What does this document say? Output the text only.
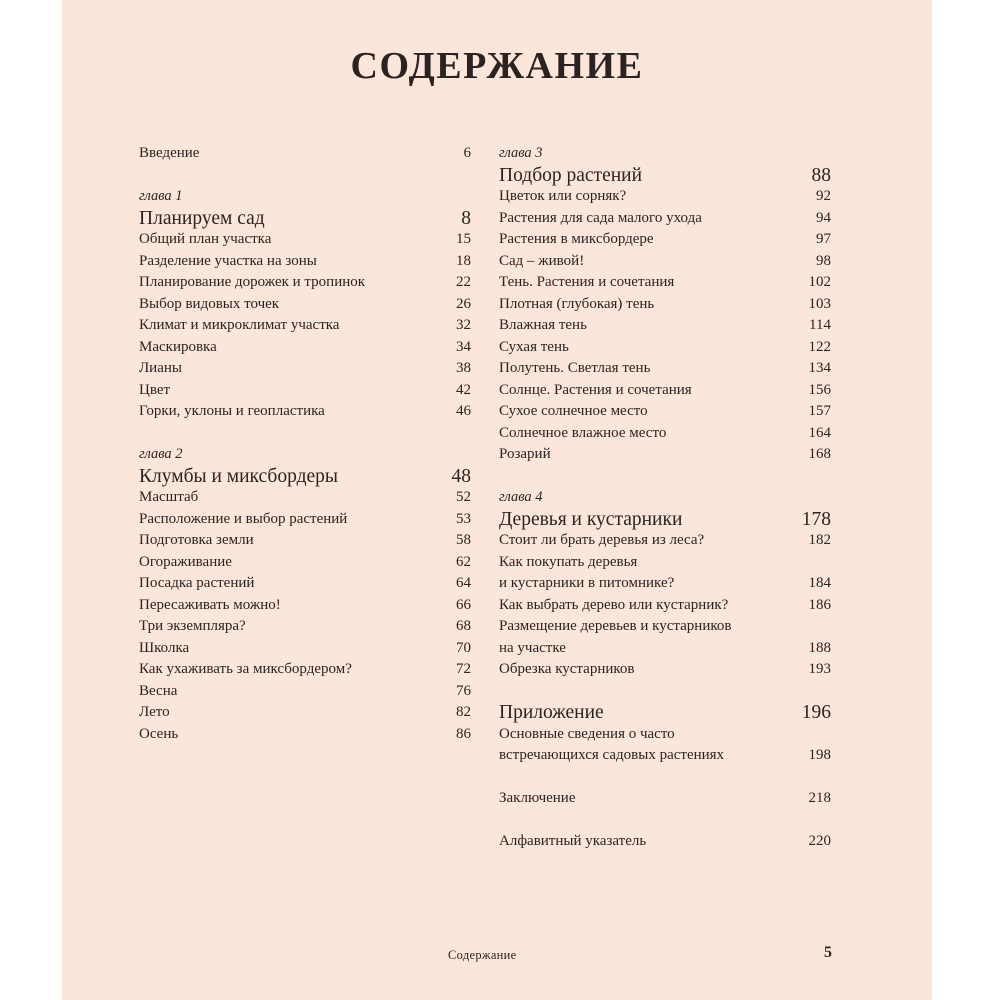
СОДЕРЖАНИЕ
Введение	6
глава 1
Планируем сад	8
Общий план участка	15
Разделение участка на зоны	18
Планирование дорожек и тропинок	22
Выбор видовых точек	26
Климат и микроклимат участка	32
Маскировка	34
Лианы	38
Цвет	42
Горки, уклоны и геопластика	46
глава 2
Клумбы и миксбордеры	48
Масштаб	52
Расположение и выбор растений	53
Подготовка земли	58
Огораживание	62
Посадка растений	64
Пересаживать можно!	66
Три экземпляра?	68
Школка	70
Как ухаживать за миксбордером?	72
Весна	76
Лето	82
Осень	86
глава 3
Подбор растений	88
Цветок или сорняк?	92
Растения для сада малого ухода	94
Растения в миксбордере	97
Сад – живой!	98
Тень. Растения и сочетания	102
Плотная (глубокая) тень	103
Влажная тень	114
Сухая тень	122
Полутень. Светлая тень	134
Солнце. Растения и сочетания	156
Сухое солнечное место	157
Солнечное влажное место	164
Розарий	168
глава 4
Деревья и кустарники	178
Стоит ли брать деревья из леса?	182
Как покупать деревья
и кустарники в питомнике?	184
Как выбрать дерево или кустарник?	186
Размещение деревьев и кустарников
на участке	188
Обрезка кустарников	193
Приложение	196
Основные сведения о часто
встречающихся садовых растениях	198
Заключение	218
Алфавитный указатель	220
Содержание	5
